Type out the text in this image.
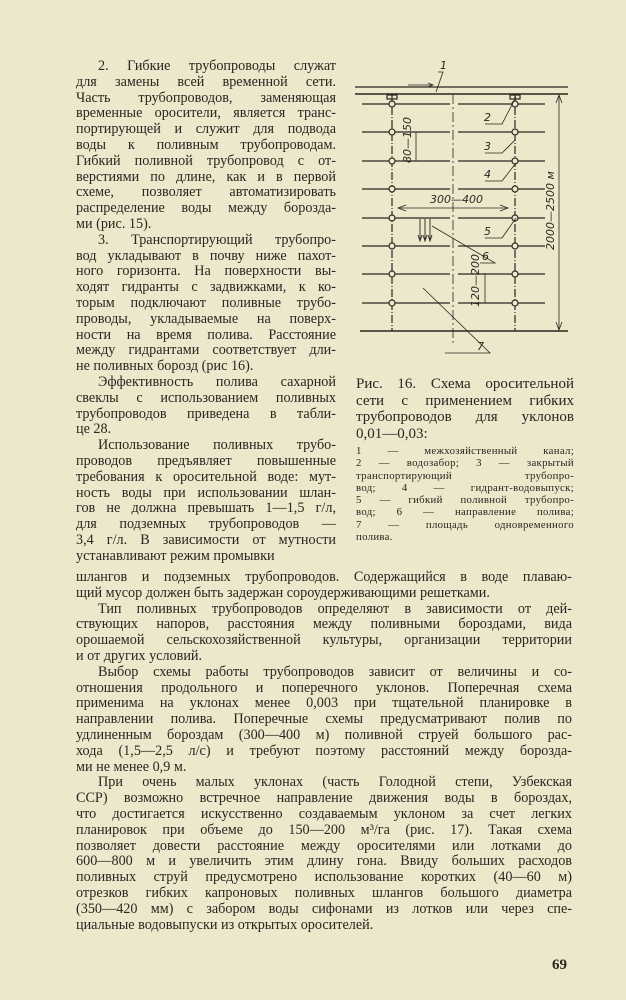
2. Гибкие трубопроводы служат
для замены всей временной сети.
Часть трубопроводов, заменяющая
временные оросители, является транс-
портирующей и служит для подвода
воды к поливным трубопроводам.
Гибкий поливной трубопровод с от-
верстиями по длине, как и в первой
схеме, позволяет автоматизировать
распределение воды между борозда-
ми (рис. 15).
3. Транспортирующий трубопро-
вод укладывают в почву ниже пахот-
ного горизонта. На поверхности вы-
ходят гидранты с задвижками, к ко-
торым подключают поливные трубо-
проводы, укладываемые на поверх-
ности на время полива. Расстояние
между гидрантами соответствует дли-
не поливных борозд (рис 16).
Эффективность полива сахарной
свеклы с использованием поливных
трубопроводов приведена в табли-
це 28.
Использование поливных трубо-
проводов предъявляет повышенные
требования к оросительной воде: мут-
ность воды при использовании шлан-
гов не должна превышать 1—1,5 г/л,
для подземных трубопроводов —
3,4 г/л. В зависимости от мутности
устанавливают режим промывки
шлангов и подземных трубопроводов. Содержащийся в воде плаваю-
щий мусор должен быть задержан сороудерживающими решетками.
Тип поливных трубопроводов определяют в зависимости от дей-
ствующих напоров, расстояния между поливными бороздами, вида
орошаемой сельскохозяйственной культуры, организации территории
и от других условий.
Выбор схемы работы трубопроводов зависит от величины и со-
отношения продольного и поперечного уклонов. Поперечная схема
применима на уклонах менее 0,003 при тщательной планировке в
направлении полива. Поперечные схемы предусматривают полив по
удлиненным бороздам (300—400 м) поливной струей большого рас-
хода (1,5—2,5 л/с) и требуют поэтому расстояний между борозда-
ми не менее 0,9 м.
При очень малых уклонах (часть Голодной степи, Узбекская
ССР) возможно встречное направление движения воды в бороздах,
что достигается искусственно создаваемым уклоном за счет легких
планировок при объеме до 150—200 м³/га (рис. 17). Такая схема
позволяет довести расстояние между оросителями или лотками до
600—800 м и увеличить этим длину гона. Ввиду больших расходов
поливных струй предусмотрено использование коротких (40—60 м)
отрезков гибких капроновых поливных шлангов большого диаметра
(350—420 мм) с забором воды сифонами из лотков или через спе-
циальные водовыпуски из открытых оросителей.
1
2
3
4
5
6
7
300—400
80—150
120—200
2000—2500 м
Рис. 16. Схема оросительной
сети с применением гибких
трубопроводов для уклонов
0,01—0,03:
1 — межхозяйственный канал;
2 — водозабор; 3 — закрытый
транспортирующий трубопро-
вод; 4 — гидрант-водовыпуск;
5 — гибкий поливной трубопро-
вод; 6 — направление полива;
7 — площадь одновременного
полива.
69
